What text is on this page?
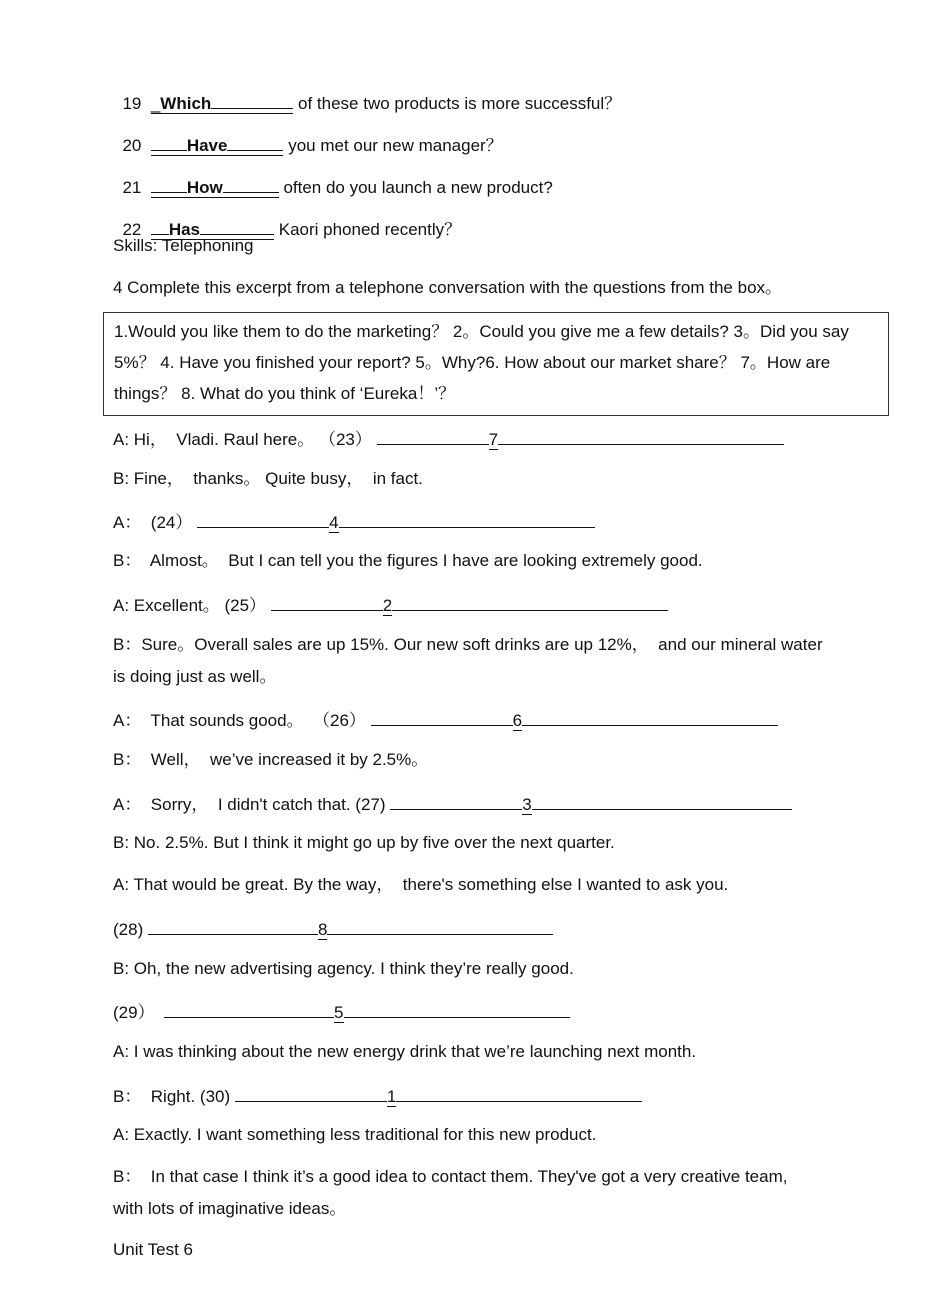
19 _Which	of these two products is more successful？

20	Have	you met our new manager？

21	How	often do you launch a new product?

22 Has	Kaori phoned recently？

Skills: Telephoning
4 Complete this excerpt from a telephone conversation with the questions from the box。
1.Would you like them to do the marketing？ 2。Could you give me a few details? 3。Did you say
5%？ 4. Have you finished your report? 5。Why?6. How about our market share？ 7。How are
things？ 8. What do you think of ‘Eureka！’？
A: Hi，  Vladi. Raul here。 （23）	7
B: Fine，  thanks。 Quite busy，  in fact.
A：  (24）	4
B：  Almost。  But I can tell you the figures I have are looking extremely good.
A: Excellent。 (25）	2
B：Sure。Overall sales are up 15%. Our new soft drinks are up 12%，  and our mineral water
is doing just as well。
A：  That sounds good。  （26）	6
B：  Well，  we’ve increased it by 2.5%。
A：  Sorry，  I didn't catch that. (27)	3
B: No. 2.5%. But I think it might go up by five over the next quarter.
A: That would be great. By the way，  there's something else I wanted to ask you.
(28)	8
B: Oh, the new advertising agency. I think they’re really good.
(29）	5
A: I was thinking about the new energy drink that we’re launching next month.
B：  Right. (30)	1
A: Exactly. I want something less traditional for this new product.
B：  In that case I think it’s a good idea to contact them. They've got a very creative team,
with lots of imaginative ideas。
Unit Test 6
